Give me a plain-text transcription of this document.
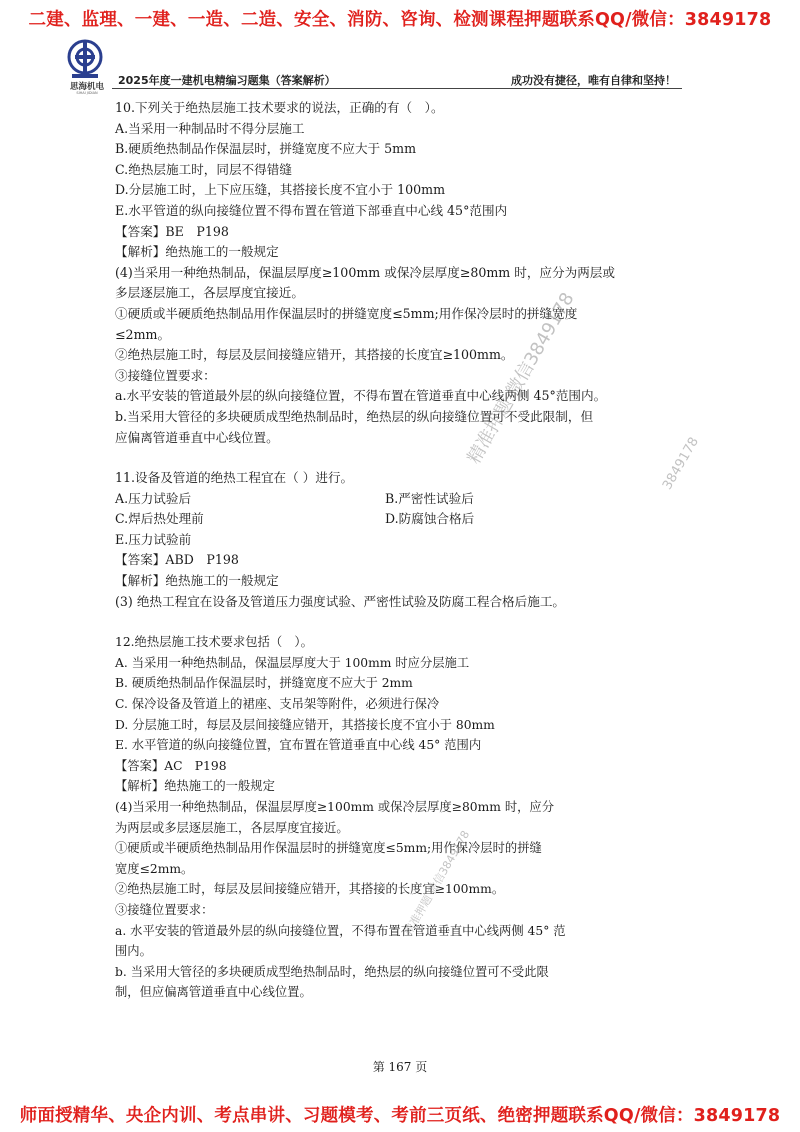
二建、监理、一建、一造、二造、安全、消防、咨询、检测课程押题联系QQ/微信：3849178
思海机电
SIHAI JIDIAN
2025年度一建机电精编习题集（答案解析）	成功没有捷径，唯有自律和坚持！
10.下列关于绝热层施工技术要求的说法，正确的有（　）。
A.当采用一种制品时不得分层施工
B.硬质绝热制品作保温层时，拼缝宽度不应大于 5mm
C.绝热层施工时，同层不得错缝
D.分层施工时，上下应压缝，其搭接长度不宜小于 100mm
E.水平管道的纵向接缝位置不得布置在管道下部垂直中心线 45°范围内
【答案】BE　P198
【解析】绝热施工的一般规定
(4)当采用一种绝热制品，保温层厚度≥100mm 或保冷层厚度≥80mm 时，应分为两层或
多层逐层施工，各层厚度宜接近。
①硬质或半硬质绝热制品用作保温层时的拼缝宽度≤5mm;用作保冷层时的拼缝宽度
≤2mm。
②绝热层施工时，每层及层间接缝应错开，其搭接的长度宜≥100mm。
③接缝位置要求：
a.水平安装的管道最外层的纵向接缝位置，不得布置在管道垂直中心线两侧 45°范围内。
b.当采用大管径的多块硬质成型绝热制品时，绝热层的纵向接缝位置可不受此限制，但
应偏离管道垂直中心线位置。
11.设备及管道的绝热工程宜在（ ）进行。
A.压力试验后	B.严密性试验后
C.焊后热处理前	D.防腐蚀合格后
E.压力试验前
【答案】ABD　P198
【解析】绝热施工的一般规定
(3) 绝热工程宜在设备及管道压力强度试验、严密性试验及防腐工程合格后施工。
12.绝热层施工技术要求包括（　）。
A. 当采用一种绝热制品，保温层厚度大于 100mm 时应分层施工
B. 硬质绝热制品作保温层时，拼缝宽度不应大于 2mm
C. 保冷设备及管道上的裙座、支吊架等附件，必须进行保冷
D. 分层施工时，每层及层间接缝应错开，其搭接长度不宜小于 80mm
E. 水平管道的纵向接缝位置，宜布置在管道垂直中心线 45° 范围内
【答案】AC　P198
【解析】绝热施工的一般规定
(4)当采用一种绝热制品，保温层厚度≥100mm 或保冷层厚度≥80mm 时，应分
为两层或多层逐层施工，各层厚度宜接近。
①硬质或半硬质绝热制品用作保温层时的拼缝宽度≤5mm;用作保冷层时的拼缝
宽度≤2mm。
②绝热层施工时，每层及层间接缝应错开，其搭接的长度宜≥100mm。
③接缝位置要求：
a. 水平安装的管道最外层的纵向接缝位置，不得布置在管道垂直中心线两侧 45° 范
围内。
b. 当采用大管径的多块硬质成型绝热制品时，绝热层的纵向接缝位置可不受此限
制，但应偏离管道垂直中心线位置。
精准押题 微信3849178	3849178
精准押题 微信3849178
第 167 页
师面授精华、央企内训、考点串讲、习题模考、考前三页纸、绝密押题联系QQ/微信：3849178
